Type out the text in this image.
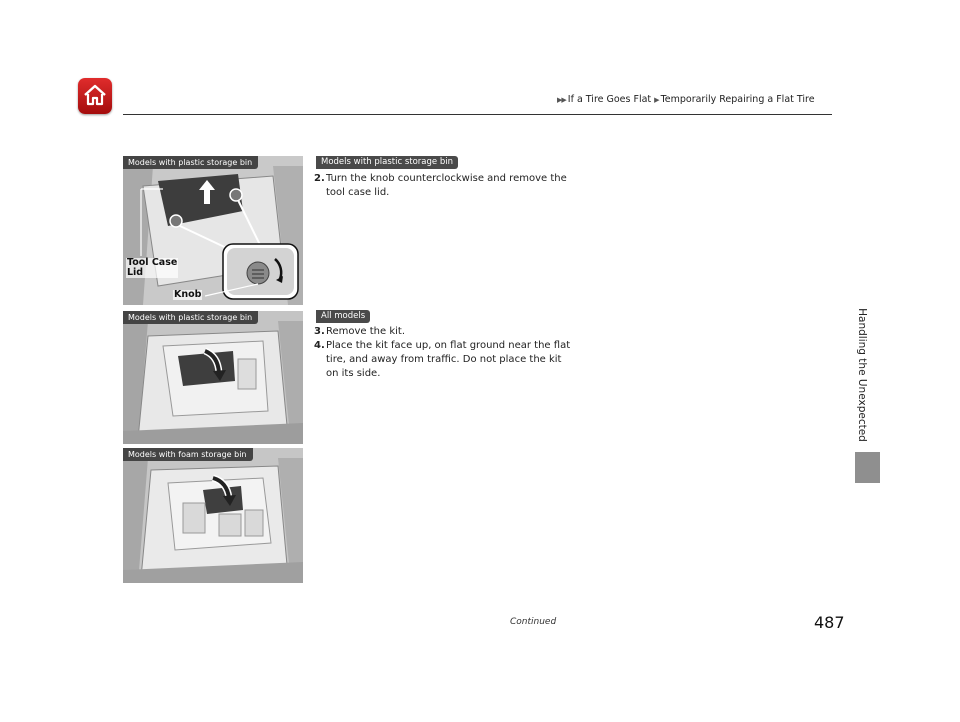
▶▶ If a Tire Goes Flat ▶ Temporarily Repairing a Flat Tire
Handling the Unexpected
Models with plastic storage bin
Tool Case
Lid
Knob
Models with plastic storage bin
Models with foam storage bin
Models with plastic storage bin
2. Turn the knob counterclockwise and remove the tool case lid.
All models
3. Remove the kit.
4. Place the kit face up, on flat ground near the flat tire, and away from traffic. Do not place the kit on its side.
Continued	487
